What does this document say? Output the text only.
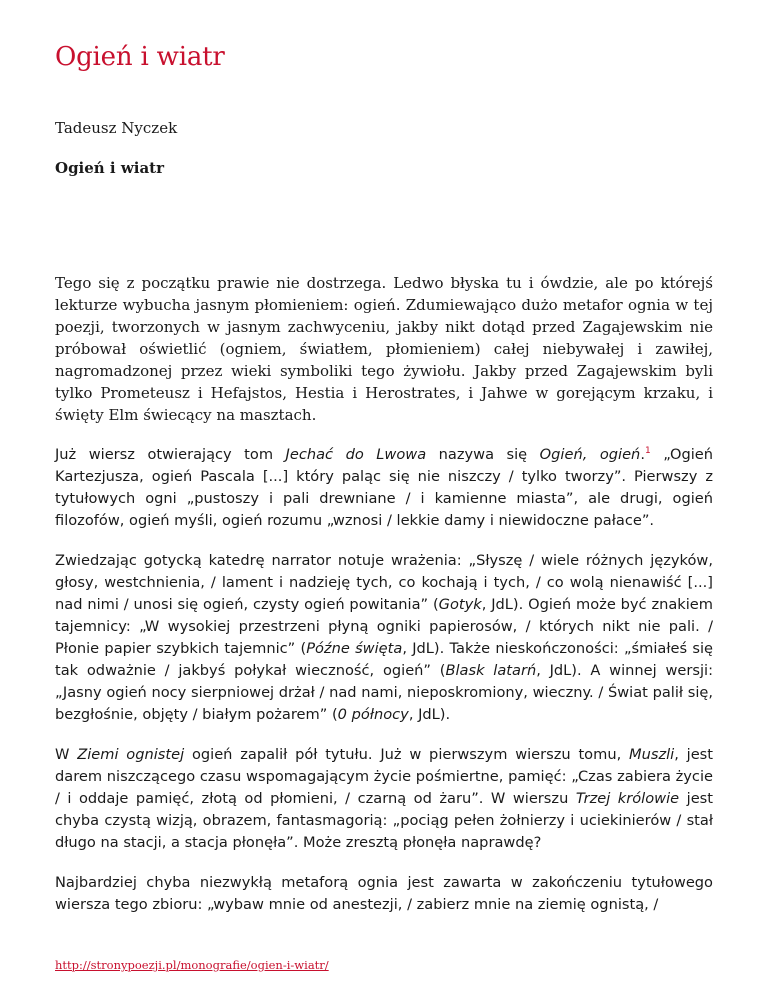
Ogień i wiatr

Tadeusz Nyczek

Ogień i wiatr

Tego się z początku prawie nie dostrzega. Ledwo błyska tu i ówdzie, ale po którejś lekturze wybucha jasnym płomieniem: ogień. Zdumiewająco dużo metafor ognia w tej poezji, tworzonych w jasnym zachwyceniu, jakby nikt dotąd przed Zagajewskim nie próbował oświetlić (ogniem, światłem, płomieniem) całej niebywałej i zawiłej, nagromadzonej przez wieki symboliki tego żywiołu. Jakby przed Zagajewskim byli tylko Prometeusz i Hefajstos, Hestia i Herostrates, i Jahwe w gorejącym krzaku, i święty Elm świecący na masztach.

Już wiersz otwierający tom Jechać do Lwowa nazywa się Ogień, ogień.$^1$ „Ogień Kartezjusza, ogień Pascala [...] który paląc się nie niszczy / tylko tworzy”. Pierwszy z tytułowych ogni „pustoszy i pali drewniane / i kamienne miasta”, ale drugi, ogień filozofów, ogień myśli, ogień rozumu „wznosi / lekkie damy i niewidoczne pałace”.

Zwiedzając gotycką katedrę narrator notuje wrażenia: „Słyszę / wiele różnych języków, głosy, westchnienia, / lament i nadzieję tych, co kochają i tych, / co wolą nienawiść [...] nad nimi / unosi się ogień, czysty ogień powitania” (Gotyk, JdL). Ogień może być znakiem tajemnicy: „W wysokiej przestrzeni płyną ogniki papierosów, / których nikt nie pali. / Płonie papier szybkich tajemnic” (Późne święta, JdL). Także nieskończoności: „śmiałeś się tak odważnie / jakbyś połykał wieczność, ogień” (Blask latarń, JdL). A winnej wersji: „Jasny ogień nocy sierpniowej drżał / nad nami, nieposkromiony, wieczny. / Świat palił się, bezgłośnie, objęty / białym pożarem” (0 północy, JdL).

W Ziemi ognistej ogień zapalił pół tytułu. Już w pierwszym wierszu tomu, Muszli, jest darem niszczącego czasu wspomagającym życie pośmiertne, pamięć: „Czas zabiera życie / i oddaje pamięć, złotą od płomieni, / czarną od żaru”. W wierszu Trzej królowie jest chyba czystą wizją, obrazem, fantasmagorią: „pociąg pełen żołnierzy i uciekinierów / stał długo na stacji, a stacja płonęła”. Może zresztą płonęła naprawdę?

Najbardziej chyba niezwykłą metaforą ognia jest zawarta w zakończeniu tytułowego wiersza tego zbioru: „wybaw mnie od anestezji, / zabierz mnie na ziemię ognistą, /

http://stronypoezji.pl/monografie/ogien-i-wiatr/
